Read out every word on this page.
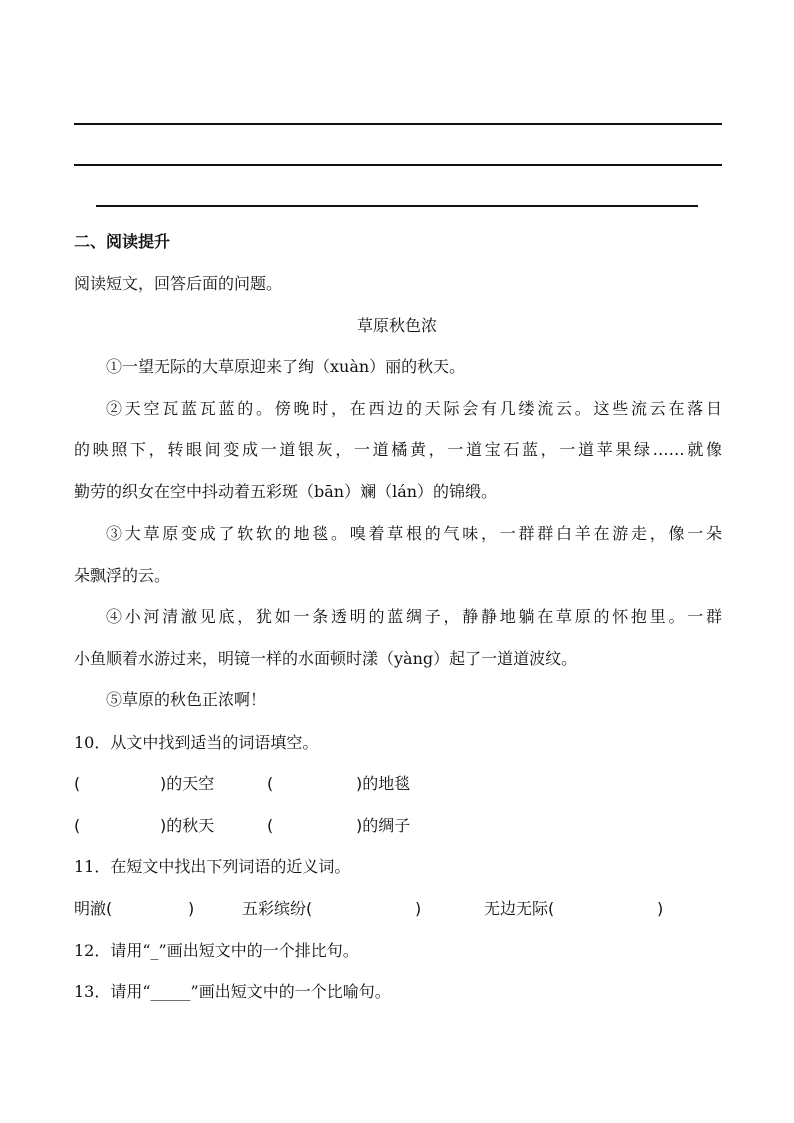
二、阅读提升
阅读短文，回答后面的问题。
草原秋色浓
①一望无际的大草原迎来了绚（xuàn）丽的秋天。
②天空瓦蓝瓦蓝的。傍晚时，在西边的天际会有几缕流云。这些流云在落日
的映照下，转眼间变成一道银灰，一道橘黄，一道宝石蓝，一道苹果绿……就像
勤劳的织女在空中抖动着五彩斑（bān）斓（lán）的锦缎。
③大草原变成了软软的地毯。嗅着草根的气味，一群群白羊在游走，像一朵
朵飘浮的云。
④小河清澈见底，犹如一条透明的蓝绸子，静静地躺在草原的怀抱里。一群
小鱼顺着水游过来，明镜一样的水面顿时漾（yàng）起了一道道波纹。
⑤草原的秋色正浓啊！
10．从文中找到适当的词语填空。
(	)的天空	(	)的地毯
(	)的秋天	(	)的绸子
11．在短文中找出下列词语的近义词。
明澈(	)	五彩缤纷(	)	无边无际(	)
12．请用“_”画出短文中的一个排比句。
13．请用“_____”画出短文中的一个比喻句。
